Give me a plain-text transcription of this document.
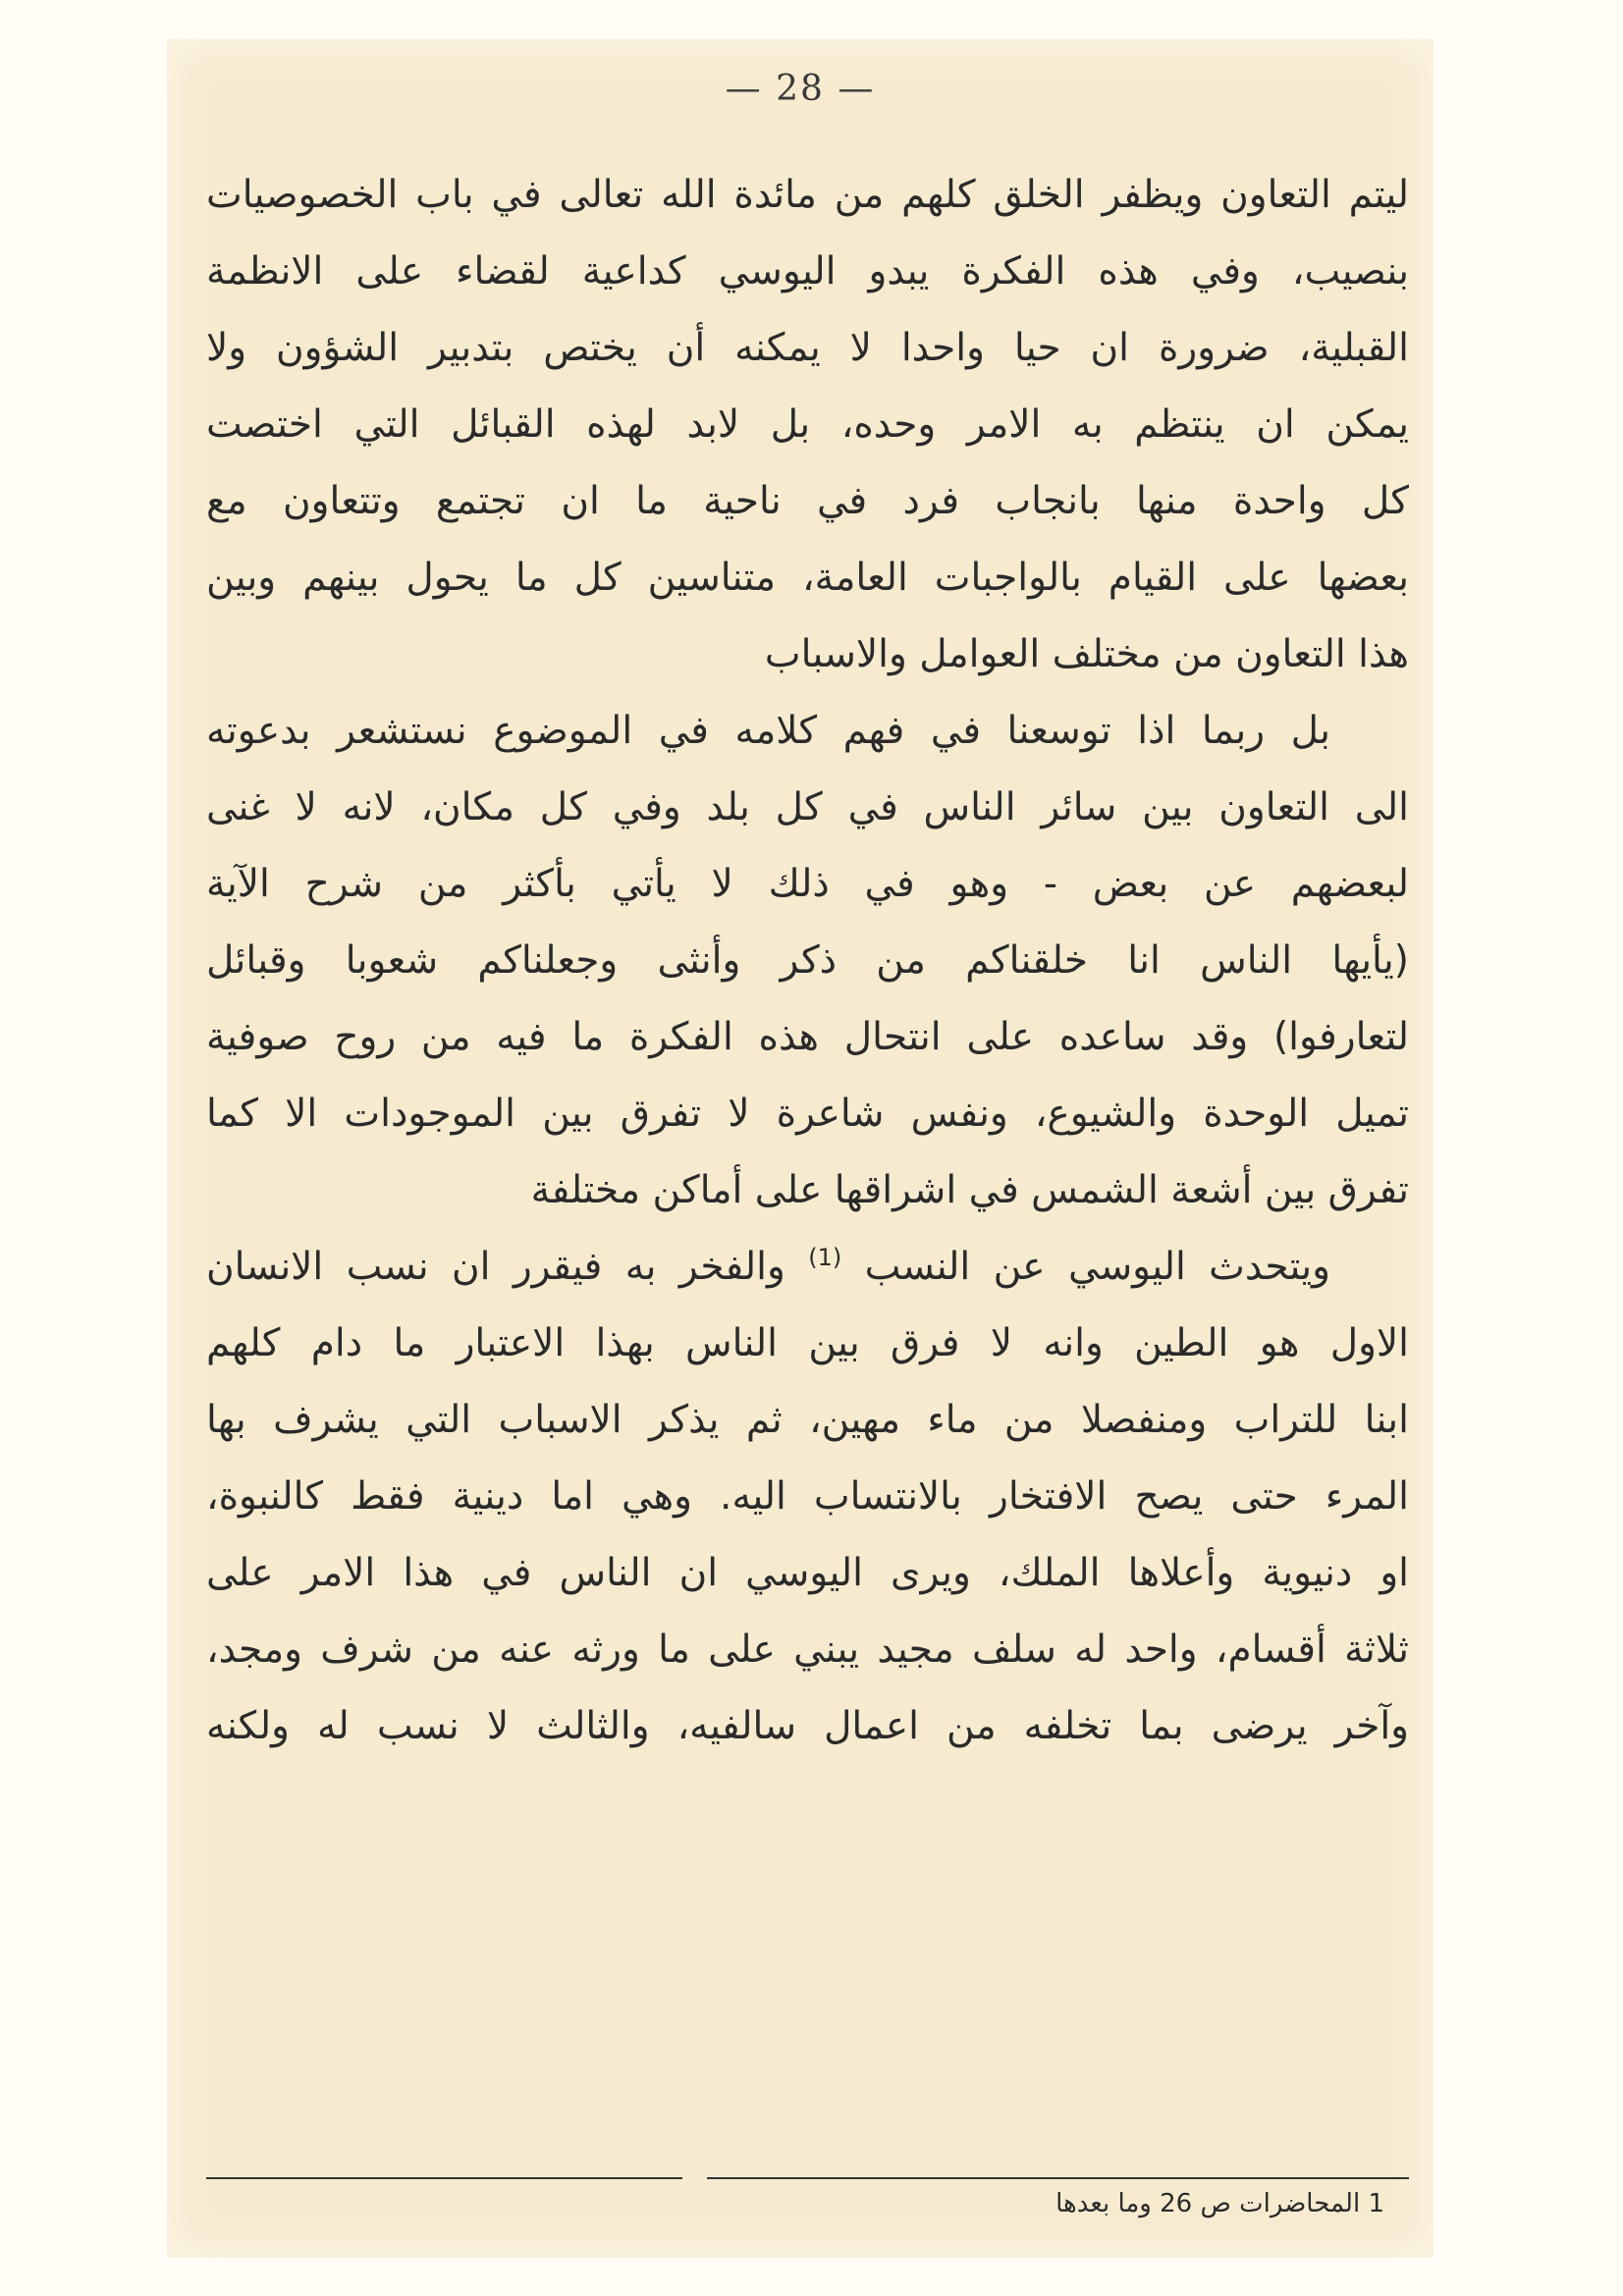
— 28 —
ليتم التعاون ويظفر الخلق كلهم من مائدة الله تعالى في باب الخصوصيات
بنصيب، وفي هذه الفكرة يبدو اليوسي كداعية لقضاء على الانظمة
القبلية، ضرورة ان حيا واحدا لا يمكنه أن يختص بتدبير الشؤون ولا
يمكن ان ينتظم به الامر وحده، بل لابد لهذه القبائل التي اختصت
كل واحدة منها بانجاب فرد في ناحية ما ان تجتمع وتتعاون مع
بعضها على القيام بالواجبات العامة، متناسين كل ما يحول بينهم وبين
هذا التعاون من مختلف العوامل والاسباب
بل ربما اذا توسعنا في فهم كلامه في الموضوع نستشعر بدعوته
الى التعاون بين سائر الناس في كل بلد وفي كل مكان، لانه لا غنى
لبعضهم عن بعض - وهو في ذلك لا يأتي بأكثر من شرح الآية
(يأيها الناس انا خلقناكم من ذكر وأنثى وجعلناكم شعوبا وقبائل
لتعارفوا) وقد ساعده على انتحال هذه الفكرة ما فيه من روح صوفية
تميل الوحدة والشيوع، ونفس شاعرة لا تفرق بين الموجودات الا كما
تفرق بين أشعة الشمس في اشراقها على أماكن مختلفة
ويتحدث اليوسي عن النسب $^{(1)}$ والفخر به فيقرر ان نسب الانسان
الاول هو الطين وانه لا فرق بين الناس بهذا الاعتبار ما دام كلهم
ابنا للتراب ومنفصلا من ماء مهين، ثم يذكر الاسباب التي يشرف بها
المرء حتى يصح الافتخار بالانتساب اليه. وهي اما دينية فقط كالنبوة،
او دنيوية وأعلاها الملك، ويرى اليوسي ان الناس في هذا الامر على
ثلاثة أقسام، واحد له سلف مجيد يبني على ما ورثه عنه من شرف ومجد،
وآخر يرضى بما تخلفه من اعمال سالفيه، والثالث لا نسب له ولكنه
1 المحاضرات ص 26 وما بعدها
